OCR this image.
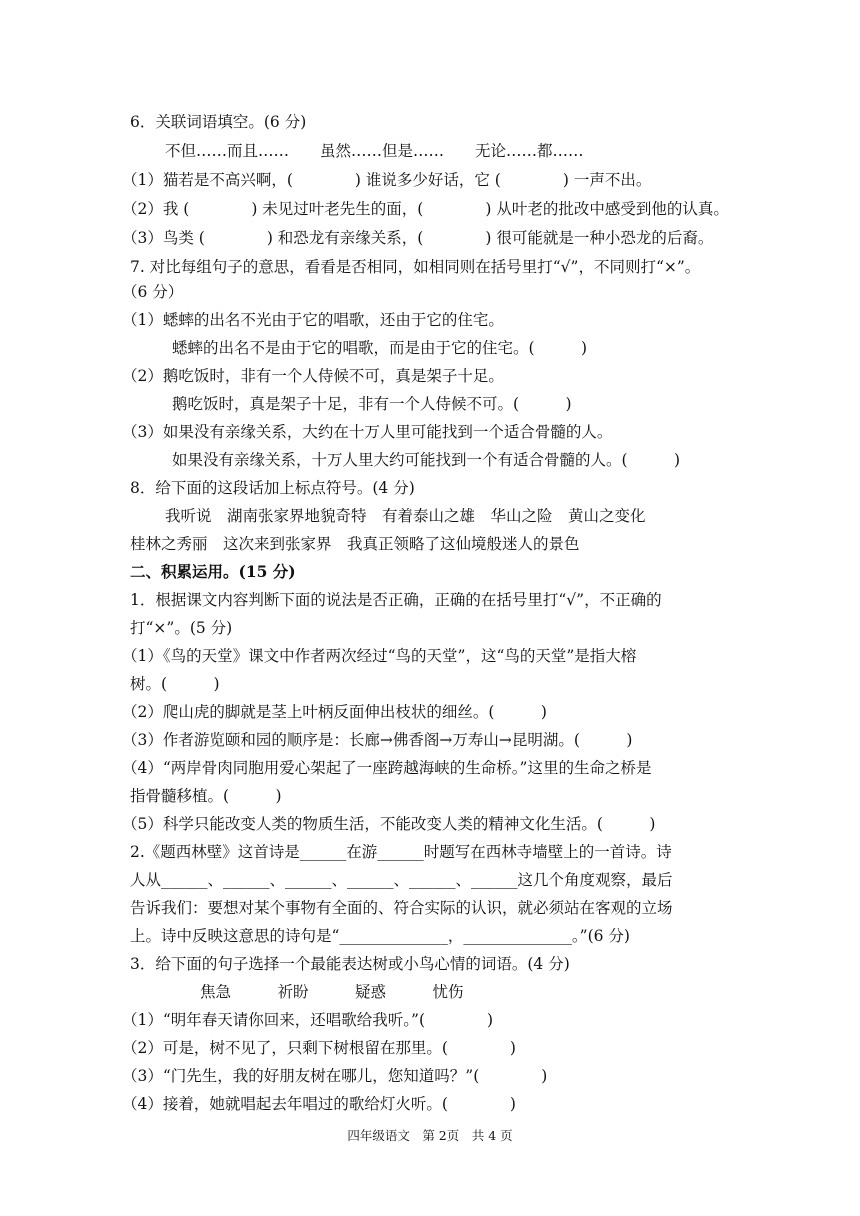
6．关联词语填空。(6 分)
不但……而且……　　虽然……但是……　　无论……都……
（1）猫若是不高兴啊，(　　　　) 谁说多少好话，它 (　　　　) 一声不出。
（2）我 (　　　　) 未见过叶老先生的面，(　　　　) 从叶老的批改中感受到他的认真。
（3）鸟类 (　　　　) 和恐龙有亲缘关系，(　　　　) 很可能就是一种小恐龙的后裔。
7. 对比每组句子的意思，看看是否相同，如相同则在括号里打“√”，不同则打“×”。
（6 分）
（1）蟋蟀的出名不光由于它的唱歌，还由于它的住宅。
蟋蟀的出名不是由于它的唱歌，而是由于它的住宅。(　　　)
（2）鹅吃饭时，非有一个人侍候不可，真是架子十足。
鹅吃饭时，真是架子十足，非有一个人侍候不可。(　　　)
（3）如果没有亲缘关系，大约在十万人里可能找到一个适合骨髓的人。
如果没有亲缘关系，十万人里大约可能找到一个有适合骨髓的人。(　　　)
8．给下面的这段话加上标点符号。(4 分)
我听说　湖南张家界地貌奇特　有着泰山之雄　华山之险　黄山之变化
桂林之秀丽　这次来到张家界　我真正领略了这仙境般迷人的景色
二、积累运用。(15 分)
1．根据课文内容判断下面的说法是否正确，正确的在括号里打“√”，不正确的
打“×”。(5 分)
（1）《鸟的天堂》课文中作者两次经过“鸟的天堂”，这“鸟的天堂”是指大榕
树。(　　　)
（2）爬山虎的脚就是茎上叶柄反面伸出枝状的细丝。(　　　)
（3）作者游览颐和园的顺序是：长廊→佛香阁→万寿山→昆明湖。(　　　)
（4）“两岸骨肉同胞用爱心架起了一座跨越海峡的生命桥。”这里的生命之桥是
指骨髓移植。(　　　)
（5）科学只能改变人类的物质生活，不能改变人类的精神文化生活。(　　　)
2.《题西林壁》这首诗是______在游______时题写在西林寺墙壁上的一首诗。诗
人从______、______、______、______、______、______这几个角度观察，最后
告诉我们：要想对某个事物有全面的、符合实际的认识，就必须站在客观的立场
上。诗中反映这意思的诗句是“______________，______________。”(6 分)
3．给下面的句子选择一个最能表达树或小鸟心情的词语。(4 分)
焦急　　　祈盼　　　疑惑　　　忧伤
（1）“明年春天请你回来，还唱歌给我听。”(　　　　)
（2）可是，树不见了，只剩下树根留在那里。(　　　　)
（3）“门先生，我的好朋友树在哪儿，您知道吗？”(　　　　)
（4）接着，她就唱起去年唱过的歌给灯火听。(　　　　)
四年级语文　第 2页　共 4 页
